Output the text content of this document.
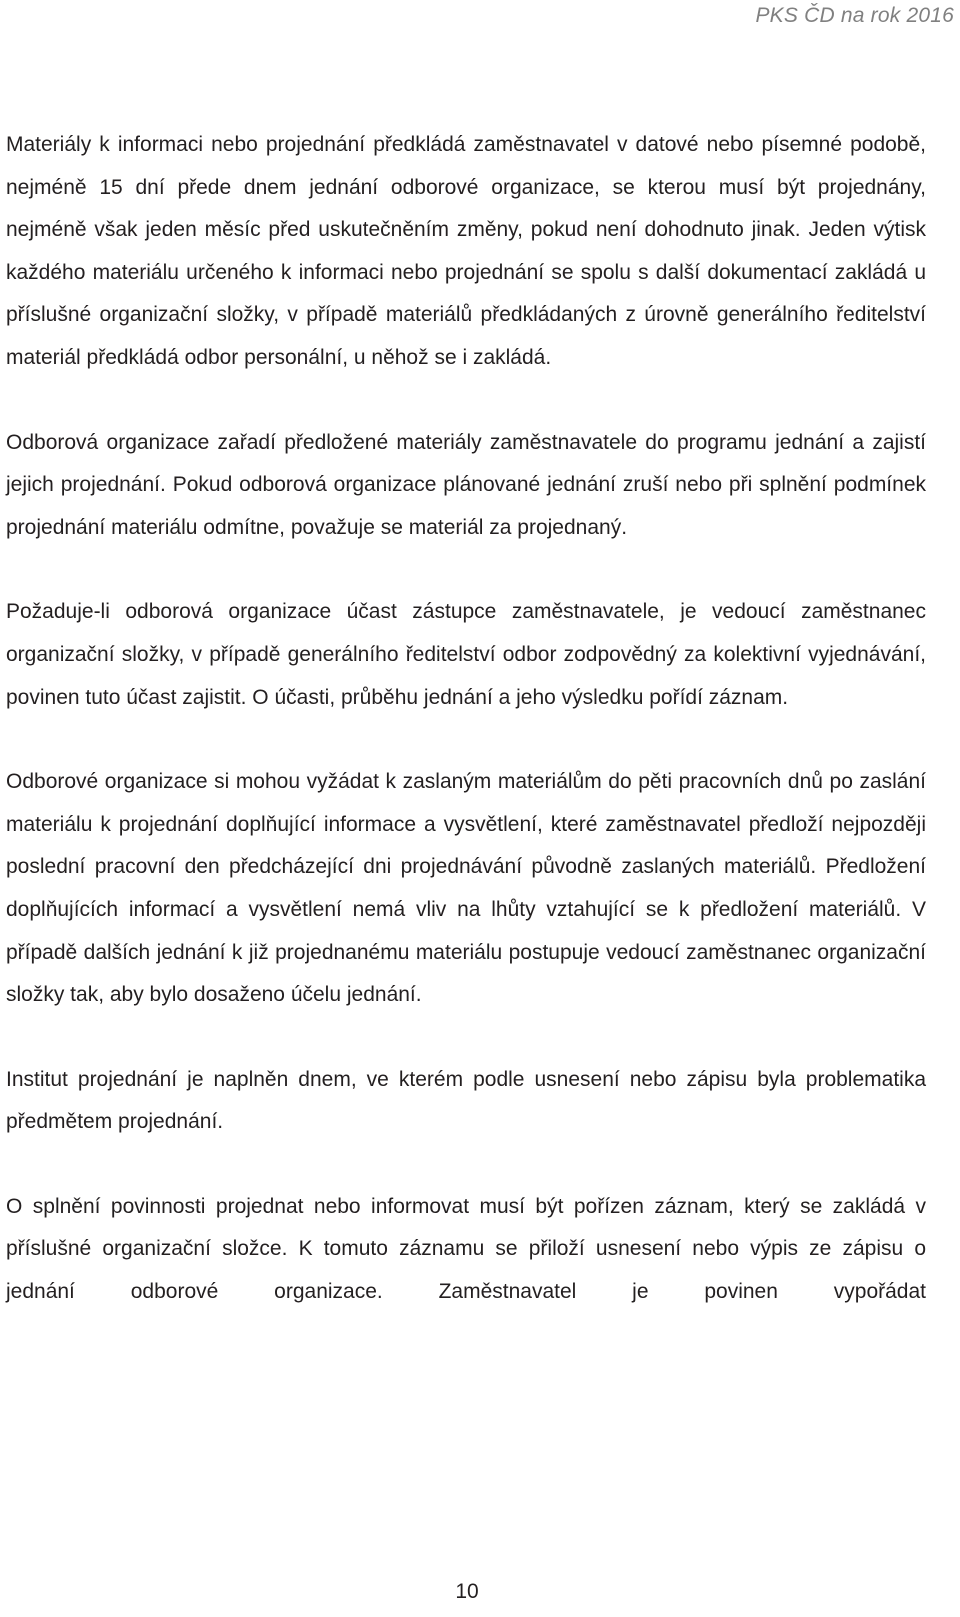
PKS ČD na rok 2016

Materiály k informaci nebo projednání předkládá zaměstnavatel v datové nebo písemné podobě, nejméně 15 dní přede dnem jednání odborové organizace, se kterou musí být projednány, nejméně však jeden měsíc před uskutečněním změny, pokud není dohodnuto jinak. Jeden výtisk každého materiálu určeného k informaci nebo projednání se spolu s další dokumentací zakládá u příslušné organizační složky, v případě materiálů předkládaných z úrovně generálního ředitelství materiál předkládá odbor personální, u něhož se i zakládá.

Odborová organizace zařadí předložené materiály zaměstnavatele do programu jednání a zajistí jejich projednání. Pokud odborová organizace plánované jednání zruší nebo při splnění podmínek projednání materiálu odmítne, považuje se materiál za projednaný.

Požaduje-li odborová organizace účast zástupce zaměstnavatele, je vedoucí zaměstnanec organizační složky, v případě generálního ředitelství odbor zodpovědný za kolektivní vyjednávání, povinen tuto účast zajistit. O účasti, průběhu jednání a jeho výsledku pořídí záznam.

Odborové organizace si mohou vyžádat k zaslaným materiálům do pěti pracovních dnů po zaslání materiálu k projednání doplňující informace a vysvětlení, které zaměstnavatel předloží nejpozději poslední pracovní den předcházející dni projednávání původně zaslaných materiálů. Předložení doplňujících informací a vysvětlení nemá vliv na lhůty vztahující se k předložení materiálů. V případě dalších jednání k již projednanému materiálu postupuje vedoucí zaměstnanec organizační složky tak, aby bylo dosaženo účelu jednání.

Institut projednání je naplněn dnem, ve kterém podle usnesení nebo zápisu byla problematika předmětem projednání.

O splnění povinnosti projednat nebo informovat musí být pořízen záznam, který se zakládá v příslušné organizační složce. K tomuto záznamu se přiloží usnesení nebo výpis ze zápisu o jednání odborové organizace. Zaměstnavatel je povinen vypořádat

10
